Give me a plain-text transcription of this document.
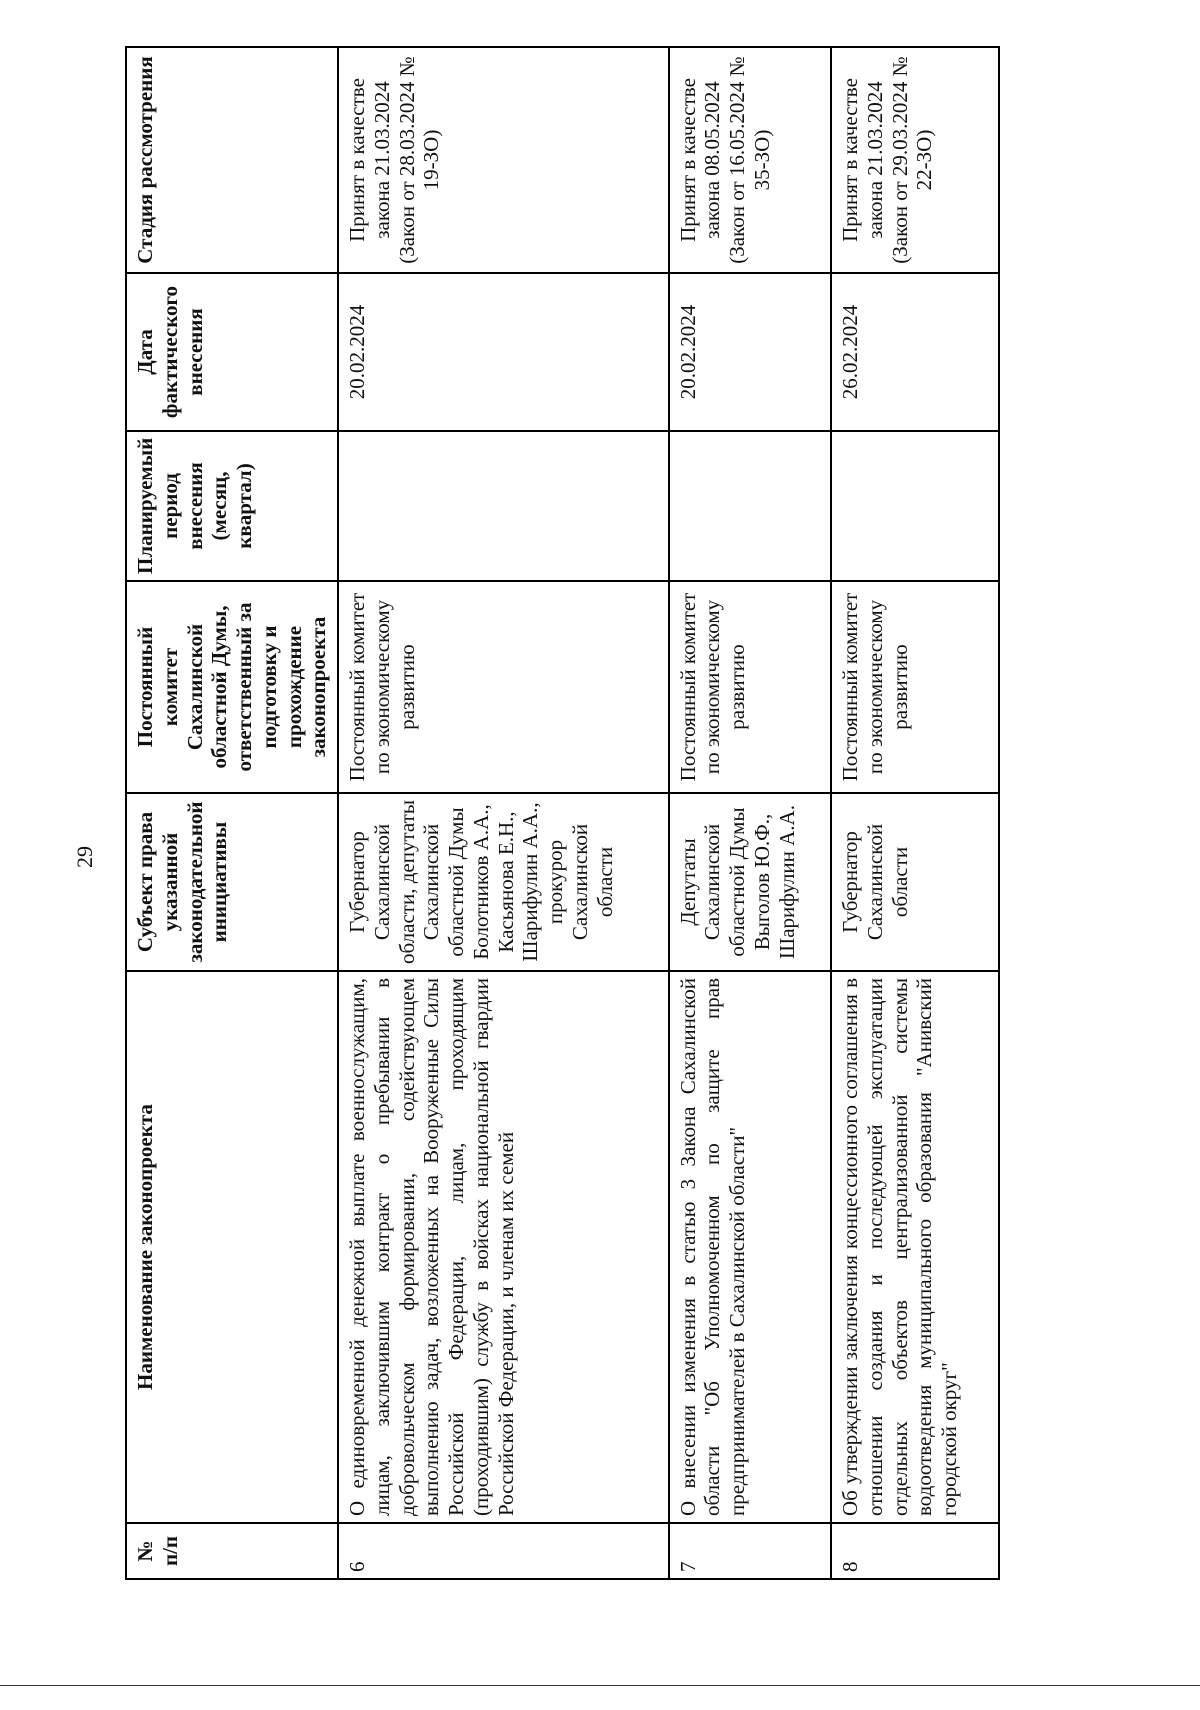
29
№ п/п	Наименование законопроекта	Субъект права указанной законодательной инициативы	Постоянный комитет Сахалинской областной Думы, ответственный за подготовку и прохождение законопроекта	Планируемый период внесения (месяц, квартал)	Дата фактического внесения	Стадия рассмотрения
6	О единовременной денежной выплате военнослужащим, лицам, заключившим контракт о пребывании в добровольческом формировании, содействующем выполнению задач, возложенных на Вооруженные Силы Российской Федерации, лицам, проходящим (проходившим) службу в войсках национальной гвардии Российской Федерации, и членам их семей	Губернатор Сахалинской области, депутаты Сахалинской областной Думы Болотников А.А., Касьянова Е.Н., Шарифулин А.А., прокурор Сахалинской области	Постоянный комитет по экономическому развитию		20.02.2024	Принят в качестве закона 21.03.2024 (Закон от 28.03.2024 № 19-ЗО)
7	О внесении изменения в статью 3 Закона Сахалинской области "Об Уполномоченном по защите прав предпринимателей в Сахалинской области"	Депутаты Сахалинской областной Думы Выголов Ю.Ф., Шарифулин А.А.	Постоянный комитет по экономическому развитию		20.02.2024	Принят в качестве закона 08.05.2024 (Закон от 16.05.2024 № 35-ЗО)
8	Об утверждении заключения концессионного соглашения в отношении создания и последующей эксплуатации отдельных объектов централизованной системы водоотведения муниципального образования "Анивский городской округ"	Губернатор Сахалинской области	Постоянный комитет по экономическому развитию		26.02.2024	Принят в качестве закона 21.03.2024 (Закон от 29.03.2024 № 22-ЗО)
